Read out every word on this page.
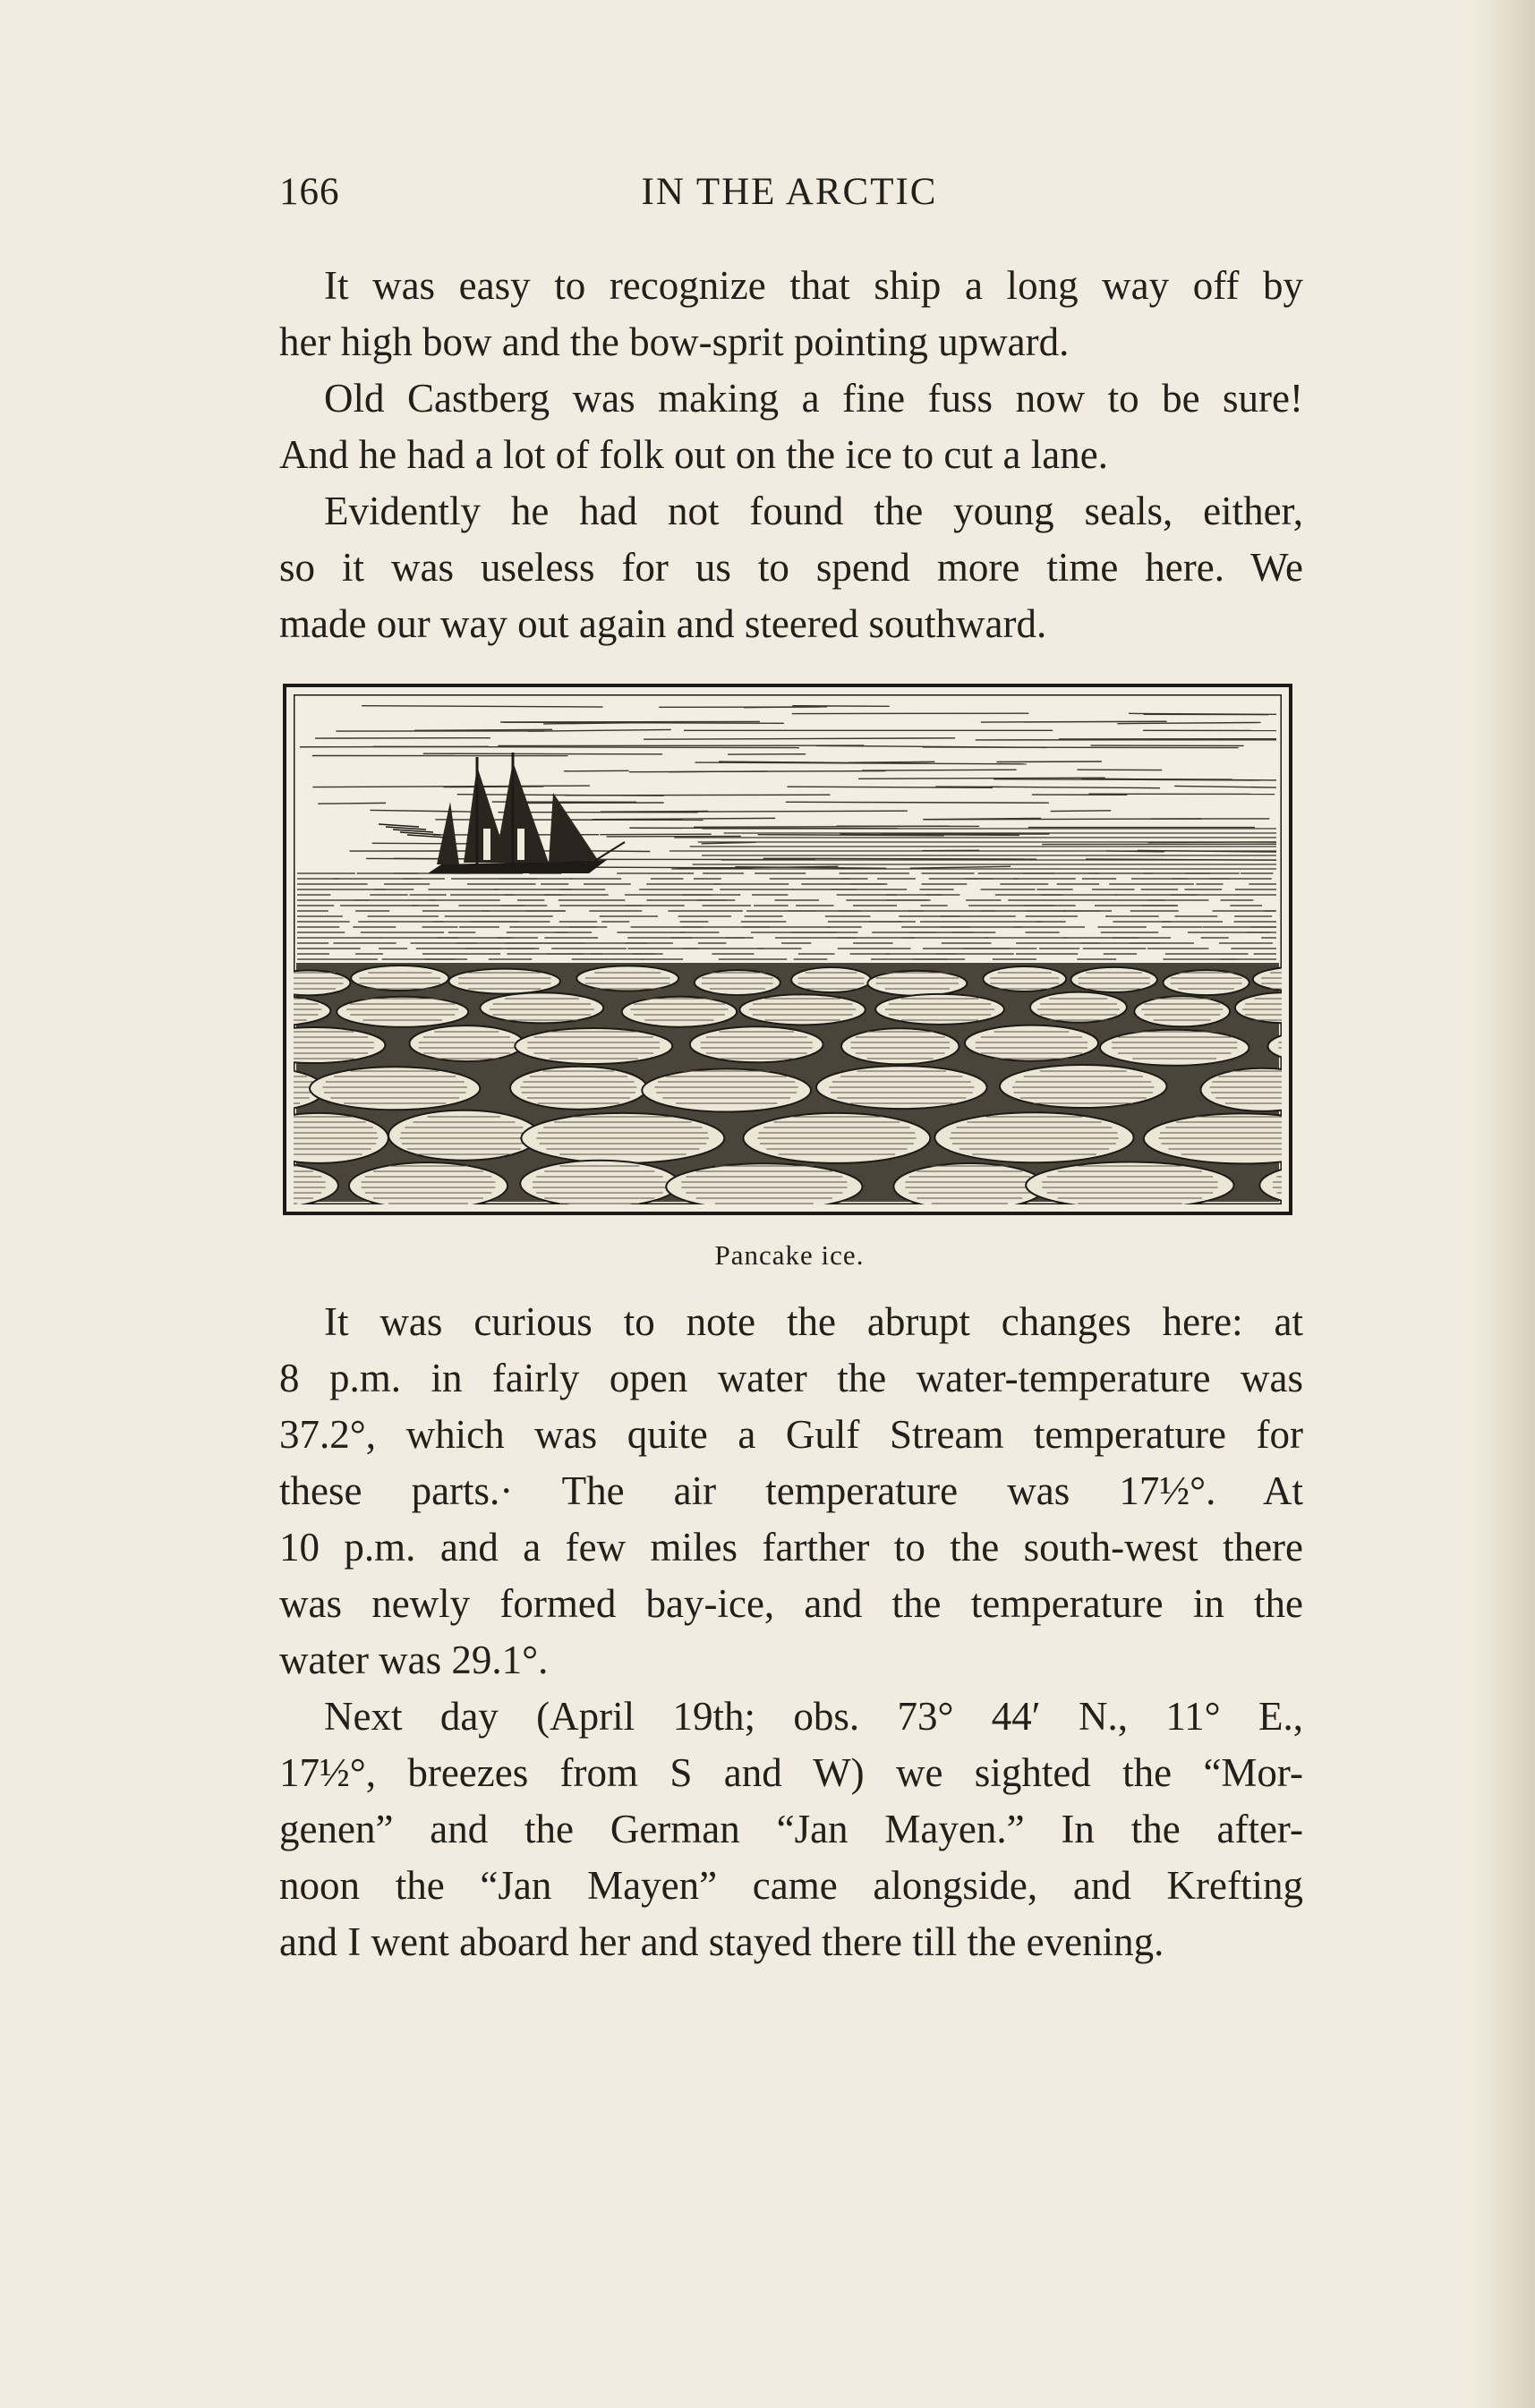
166	IN THE ARCTIC

It was easy to recognize that ship a long way off by
her high bow and the bow-sprit pointing upward.

Old Castberg was making a fine fuss now to be sure!
And he had a lot of folk out on the ice to cut a lane.

Evidently he had not found the young seals, either,
so it was useless for us to spend more time here. We
made our way out again and steered southward.

Pancake ice.

It was curious to note the abrupt changes here: at
8 p.m. in fairly open water the water-temperature was
37.2°, which was quite a Gulf Stream temperature for
these parts.· The air temperature was 17½°. At
10 p.m. and a few miles farther to the south-west there
was newly formed bay-ice, and the temperature in the
water was 29.1°.

Next day (April 19th; obs. 73° 44′ N., 11° E.,
17½°, breezes from S and W) we sighted the “Mor-
genen” and the German “Jan Mayen.” In the after-
noon the “Jan Mayen” came alongside, and Krefting
and I went aboard her and stayed there till the evening.
